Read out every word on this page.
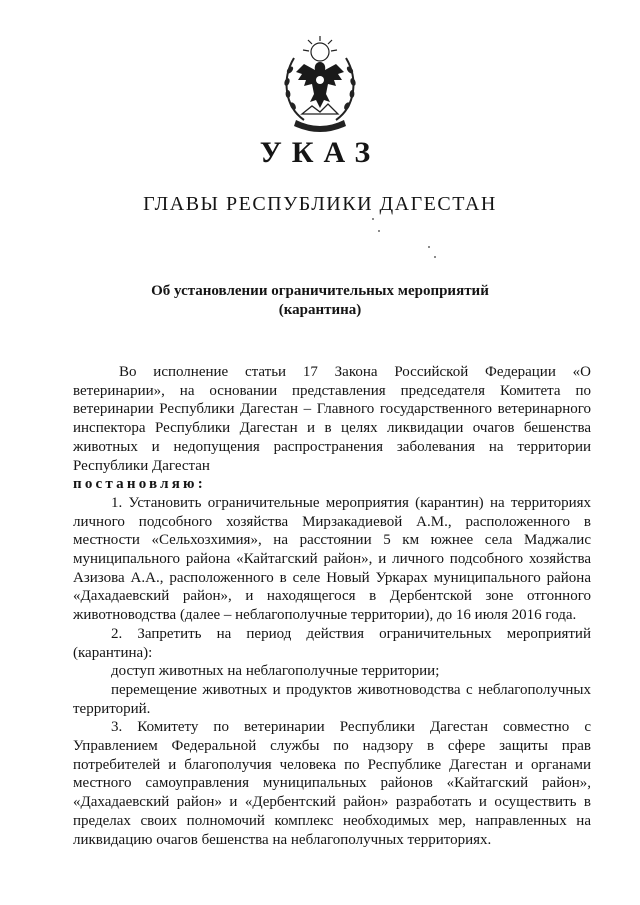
УКАЗ
ГЛАВЫ РЕСПУБЛИКИ ДАГЕСТАН
Об установлении ограничительных мероприятий
(карантина)

Во исполнение статьи 17 Закона Российской Федерации «О ветеринарии», на основании представления председателя Комитета по ветеринарии Республики Дагестан – Главного государственного ветеринарного инспектора Республики Дагестан и в целях ликвидации очагов бешенства животных и недопущения распространения заболевания на территории Республики Дагестан

постановляю:

1. Установить ограничительные мероприятия (карантин) на территориях личного подсобного хозяйства Мирзакадиевой А.М., расположенного в местности «Сельхозхимия», на расстоянии 5 км южнее села Маджалис муниципального района «Кайтагский район», и личного подсобного хозяйства Азизова А.А., расположенного в селе Новый Уркарах муниципального района «Дахадаевский район», и находящегося в Дербентской зоне отгонного животноводства (далее – неблагополучные территории), до 16 июля 2016 года.

2. Запретить на период действия ограничительных мероприятий (карантина):

доступ животных на неблагополучные территории;

перемещение животных и продуктов животноводства с неблагополучных территорий.

3. Комитету по ветеринарии Республики Дагестан совместно с Управлением Федеральной службы по надзору в сфере защиты прав потребителей и благополучия человека по Республике Дагестан и органами местного самоуправления муниципальных районов «Кайтагский район», «Дахадаевский район» и «Дербентский район» разработать и осуществить в пределах своих полномочий комплекс необходимых мер, направленных на ликвидацию очагов бешенства на неблагополучных территориях.
